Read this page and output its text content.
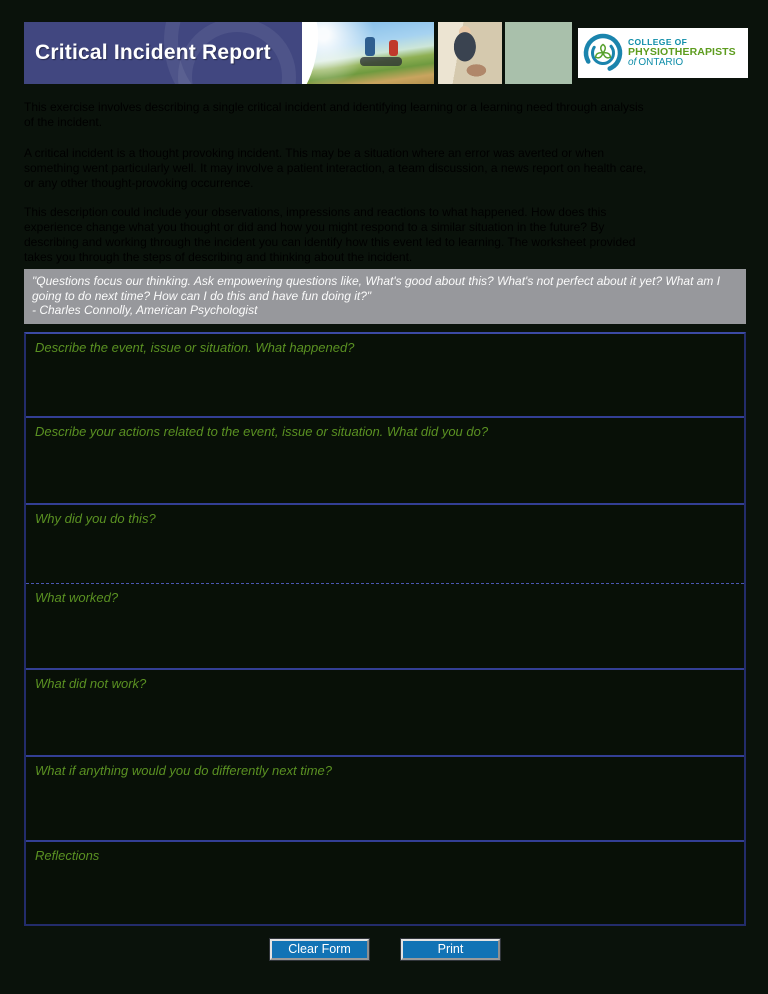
Critical Incident Report	COLLEGE OF
PHYSIOTHERAPISTS
of ONTARIO

This exercise involves describing a single critical incident and identifying learning or a learning need through analysis of the incident.

A critical incident is a thought provoking incident. This may be a situation where an error was averted or when something went particularly well. It may involve a patient interaction, a team discussion, a news report on health care, or any other thought-provoking occurrence.

This description could include your observations, impressions and reactions to what happened. How does this experience change what you thought or did and how you might respond to a similar situation in the future? By describing and working through the incident you can identify how this event led to learning. The worksheet provided takes you through the steps of describing and thinking about the incident.

"Questions focus our thinking. Ask empowering questions like, What's good about this? What's not perfect about it yet? What am I going to do next time? How can I do this and have fun doing it?"
- Charles Connolly, American Psychologist
Describe the event, issue or situation. What happened?
Describe your actions related to the event, issue or situation. What did you do?
Why did you do this?
What worked?
What did not work?
What if anything would you do differently next time?
Reflections
Clear Form	Print
